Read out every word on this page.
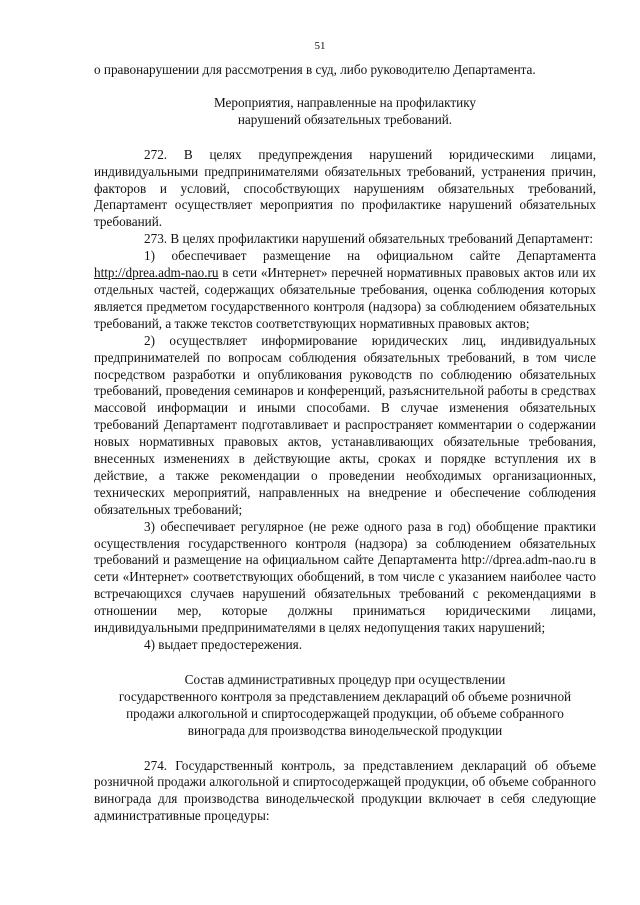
51

о правонарушении для рассмотрения в суд, либо руководителю Департамента.

Мероприятия, направленные на профилактику
нарушений обязательных требований.

272. В целях предупреждения нарушений юридическими лицами, индивидуальными предпринимателями обязательных требований, устранения причин, факторов и условий, способствующих нарушениям обязательных требований, Департамент осуществляет мероприятия по профилактике нарушений обязательных требований.

273. В целях профилактики нарушений обязательных требований Департамент:

1) обеспечивает размещение на официальном сайте Департамента http://dprea.adm-nao.ru в сети «Интернет» перечней нормативных правовых актов или их отдельных частей, содержащих обязательные требования, оценка соблюдения которых является предметом государственного контроля (надзора) за соблюдением обязательных требований, а также текстов соответствующих нормативных правовых актов;

2) осуществляет информирование юридических лиц, индивидуальных предпринимателей по вопросам соблюдения обязательных требований, в том числе посредством разработки и опубликования руководств по соблюдению обязательных требований, проведения семинаров и конференций, разъяснительной работы в средствах массовой информации и иными способами. В случае изменения обязательных требований Департамент подготавливает и распространяет комментарии о содержании новых нормативных правовых актов, устанавливающих обязательные требования, внесенных изменениях в действующие акты, сроках и порядке вступления их в действие, а также рекомендации о проведении необходимых организационных, технических мероприятий, направленных на внедрение и обеспечение соблюдения обязательных требований;

3) обеспечивает регулярное (не реже одного раза в год) обобщение практики осуществления государственного контроля (надзора) за соблюдением обязательных требований и размещение на официальном сайте Департамента http://dprea.adm-nao.ru в сети «Интернет» соответствующих обобщений, в том числе с указанием наиболее часто встречающихся случаев нарушений обязательных требований с рекомендациями в отношении мер, которые должны приниматься юридическими лицами, индивидуальными предпринимателями в целях недопущения таких нарушений;

4) выдает предостережения.

Состав административных процедур при осуществлении
государственного контроля за представлением деклараций об объеме розничной
продажи алкогольной и спиртосодержащей продукции, об объеме собранного
винограда для производства винодельческой продукции

274. Государственный контроль, за представлением деклараций об объеме розничной продажи алкогольной и спиртосодержащей продукции, об объеме собранного винограда для производства винодельческой продукции включает в себя следующие административные процедуры:
